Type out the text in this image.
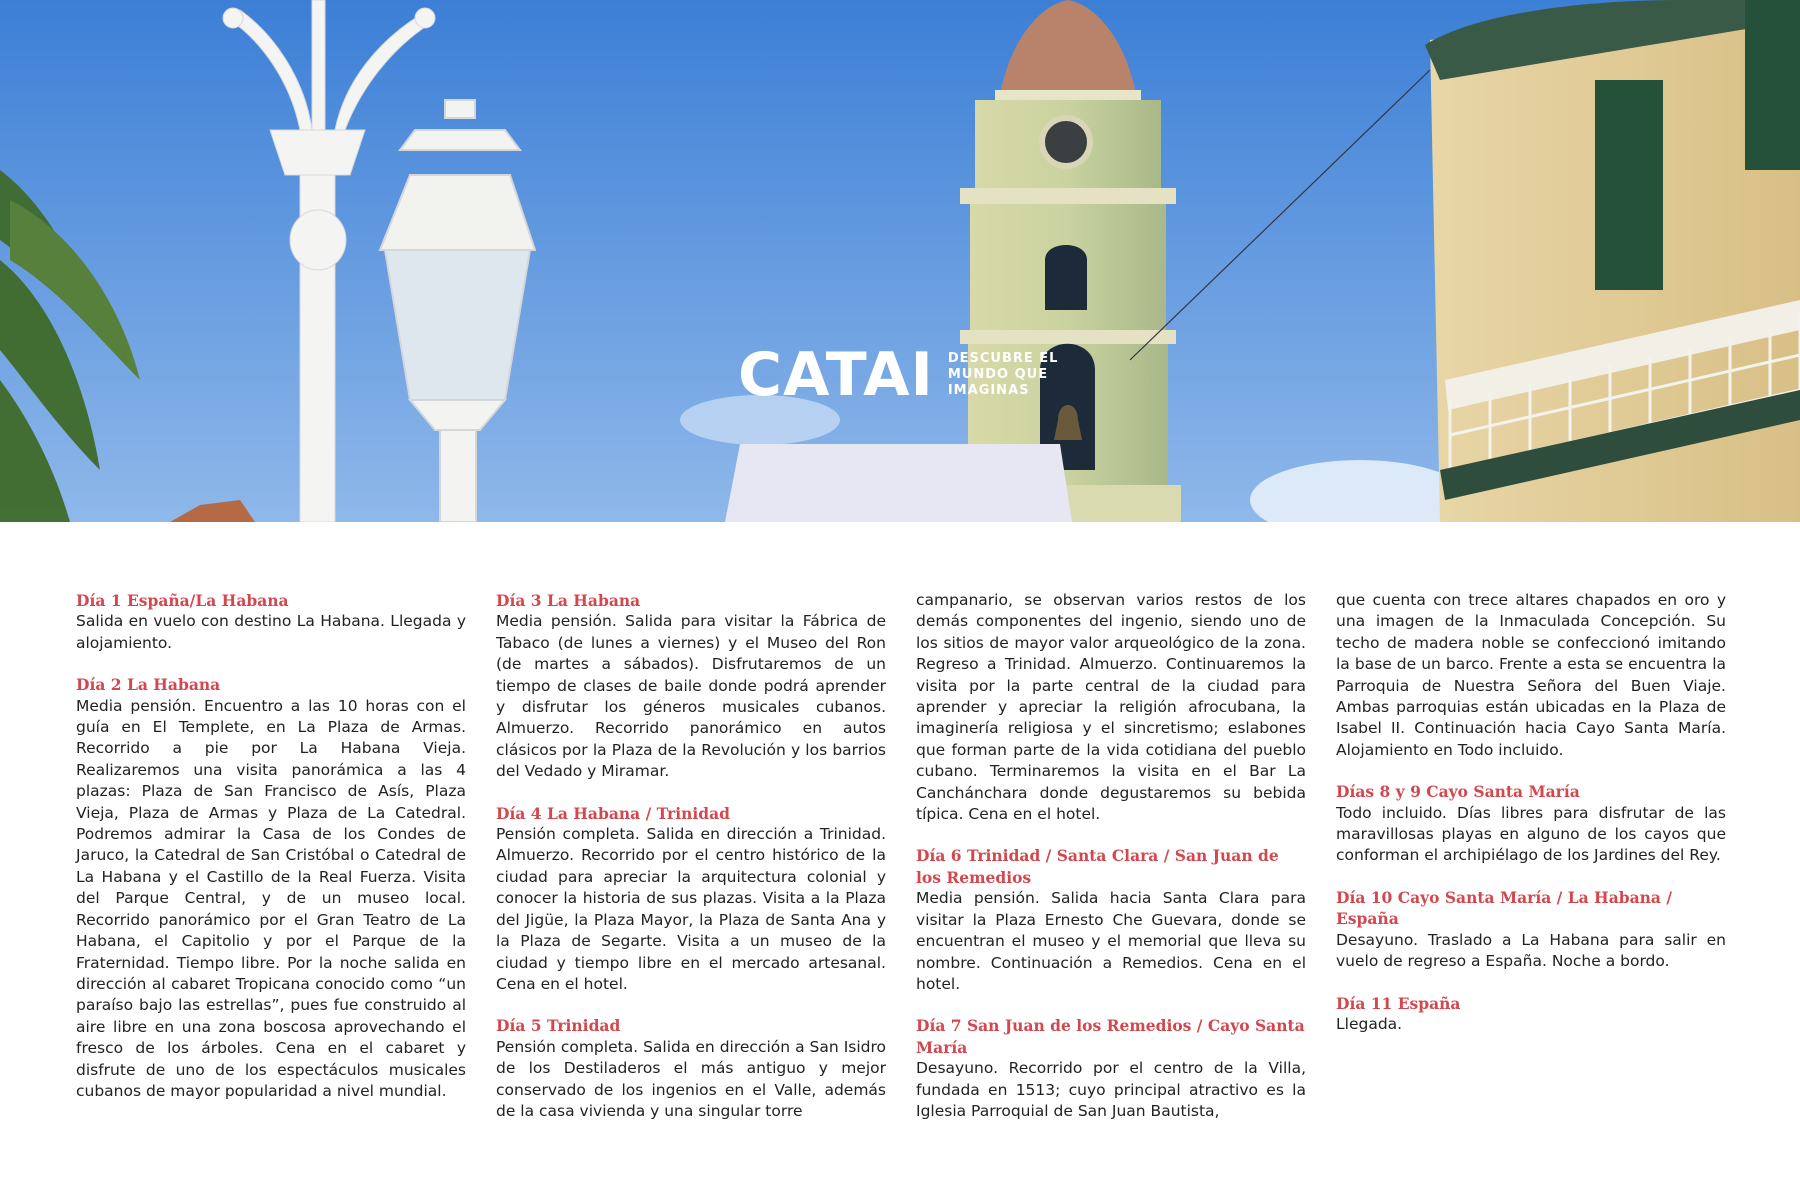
CATAI DESCUBRE EL
MUNDO QUE
IMAGINAS
Día 1 España/La Habana

Salida en vuelo con destino La Habana. Llegada y alojamiento.

Día 2 La Habana

Media pensión. Encuentro a las 10 horas con el guía en El Templete, en La Plaza de Armas. Recorrido a pie por La Habana Vieja. Realizaremos una visita panorámica a las 4 plazas: Plaza de San Francisco de Asís, Plaza Vieja, Plaza de Armas y Plaza de La Catedral. Podremos admirar la Casa de los Condes de Jaruco, la Catedral de San Cristóbal o Catedral de La Habana y el Castillo de la Real Fuerza. Visita del Parque Central, y de un museo local. Recorrido panorámico por el Gran Teatro de La Habana, el Capitolio y por el Parque de la Fraternidad. Tiempo libre. Por la noche salida en dirección al cabaret Tropicana conocido como “un paraíso bajo las estrellas”, pues fue construido al aire libre en una zona boscosa aprovechando el fresco de los árboles. Cena en el cabaret y disfrute de uno de los espectáculos musicales cubanos de mayor popularidad a nivel mundial.

Día 3 La Habana

Media pensión. Salida para visitar la Fábrica de Tabaco (de lunes a viernes) y el Museo del Ron (de martes a sábados). Disfrutaremos de un tiempo de clases de baile donde podrá aprender y disfrutar los géneros musicales cubanos. Almuerzo. Recorrido panorámico en autos clásicos por la Plaza de la Revolución y los barrios del Vedado y Miramar.

Día 4 La Habana / Trinidad

Pensión completa. Salida en dirección a Trinidad. Almuerzo. Recorrido por el centro histórico de la ciudad para apreciar la arquitectura colonial y conocer la historia de sus plazas. Visita a la Plaza del Jigüe, la Plaza Mayor, la Plaza de Santa Ana y la Plaza de Segarte. Visita a un museo de la ciudad y tiempo libre en el mercado artesanal. Cena en el hotel.

Día 5 Trinidad

Pensión completa. Salida en dirección a San Isidro de los Destiladeros el más antiguo y mejor conservado de los ingenios en el Valle, además de la casa vivienda y una singular torre

campanario, se observan varios restos de los demás componentes del ingenio, siendo uno de los sitios de mayor valor arqueológico de la zona. Regreso a Trinidad. Almuerzo. Continuaremos la visita por la parte central de la ciudad para aprender y apreciar la religión afrocubana, la imaginería religiosa y el sincretismo; eslabones que forman parte de la vida cotidiana del pueblo cubano. Terminaremos la visita en el Bar La Canchánchara donde degustaremos su bebida típica. Cena en el hotel.

Día 6 Trinidad / Santa Clara / San Juan de los Remedios

Media pensión. Salida hacia Santa Clara para visitar la Plaza Ernesto Che Guevara, donde se encuentran el museo y el memorial que lleva su nombre. Continuación a Remedios. Cena en el hotel.

Día 7 San Juan de los Remedios / Cayo Santa María

Desayuno. Recorrido por el centro de la Villa, fundada en 1513; cuyo principal atractivo es la Iglesia Parroquial de San Juan Bautista,

que cuenta con trece altares chapados en oro y una imagen de la Inmaculada Concepción. Su techo de madera noble se confeccionó imitando la base de un barco. Frente a esta se encuentra la Parroquia de Nuestra Señora del Buen Viaje. Ambas parroquias están ubicadas en la Plaza de Isabel II. Continuación hacia Cayo Santa María. Alojamiento en Todo incluido.

Días 8 y 9 Cayo Santa María

Todo incluido. Días libres para disfrutar de las maravillosas playas en alguno de los cayos que conforman el archipiélago de los Jardines del Rey.

Día 10 Cayo Santa María / La Habana / España

Desayuno. Traslado a La Habana para salir en vuelo de regreso a España. Noche a bordo.

Día 11 España

Llegada.
